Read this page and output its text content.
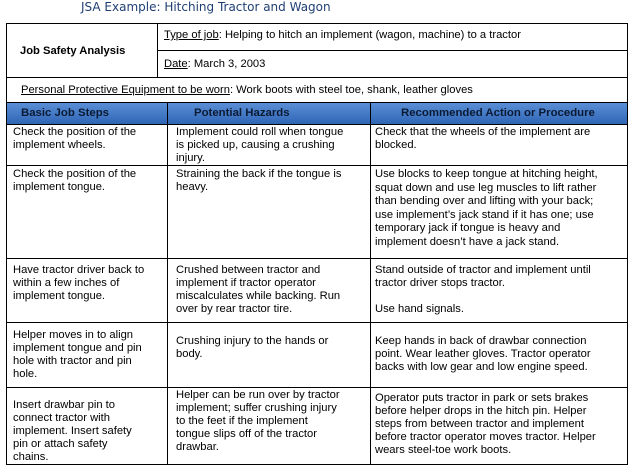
JSA Example: Hitching Tractor and Wagon
Job Safety Analysis
Type of job: Helping to hitch an implement (wagon, machine) to a tractor
Date: March 3, 2003
Personal Protective Equipment to be worn: Work boots with steel toe, shank, leather gloves
Basic Job Steps	Potential Hazards	Recommended Action or Procedure
Check the position of the
implement wheels.
Implement could roll when tongue
is picked up, causing a crushing
injury.
Check that the wheels of the implement are
blocked.
Check the position of the
implement tongue.
Straining the back if the tongue is
heavy.
Use blocks to keep tongue at hitching height,
squat down and use leg muscles to lift rather
than bending over and lifting with your back;
use implement’s jack stand if it has one; use
temporary jack if tongue is heavy and
implement doesn’t have a jack stand.
Have tractor driver back to
within a few inches of
implement tongue.
Crushed between tractor and
implement if tractor operator
miscalculates while backing. Run
over by rear tractor tire.
Stand outside of tractor and implement until
tractor driver stops tractor.

Use hand signals.
Helper moves in to align
implement tongue and pin
hole with tractor and pin
hole.
Crushing injury to the hands or
body.
Keep hands in back of drawbar connection
point. Wear leather gloves. Tractor operator
backs with low gear and low engine speed.
Insert drawbar pin to
connect tractor with
implement. Insert safety
pin or attach safety
chains.
Helper can be run over by tractor
implement; suffer crushing injury
to the feet if the implement
tongue slips off of the tractor
drawbar.
Operator puts tractor in park or sets brakes
before helper drops in the hitch pin. Helper
steps from between tractor and implement
before tractor operator moves tractor. Helper
wears steel-toe work boots.
